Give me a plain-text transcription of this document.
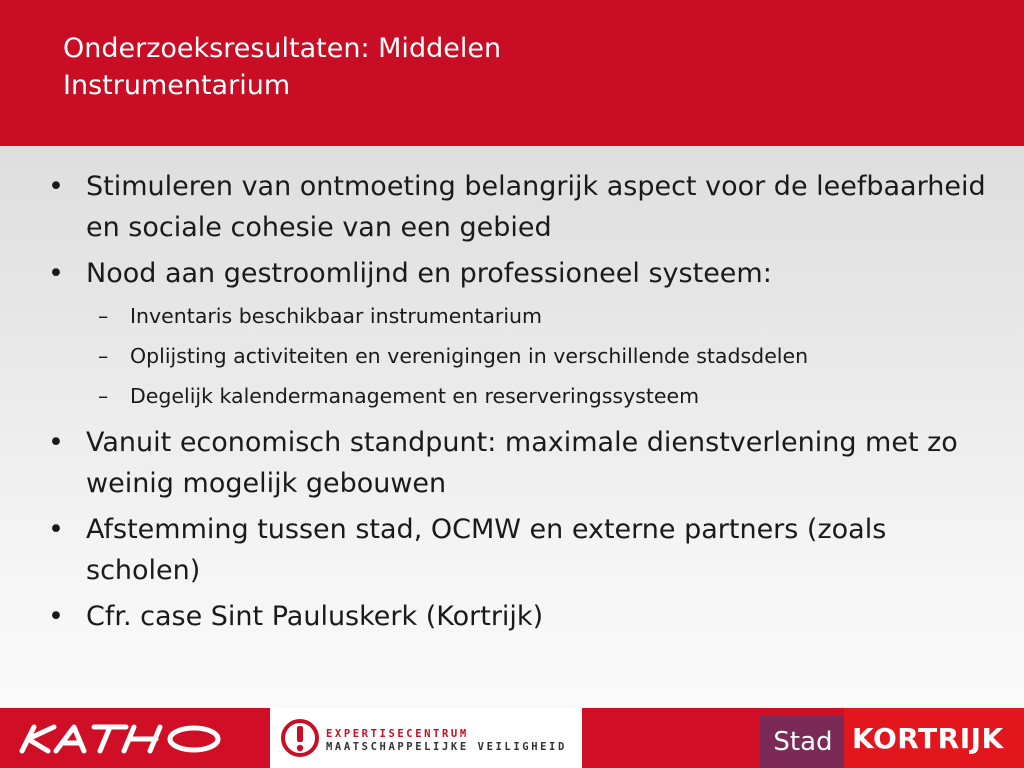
Onderzoeksresultaten: Middelen
Instrumentarium
• Stimuleren van ontmoeting belangrijk aspect voor de leefbaarheid en sociale cohesie van een gebied
• Nood aan gestroomlijnd en professioneel systeem:
– Inventaris beschikbaar instrumentarium
– Oplijsting activiteiten en verenigingen in verschillende stadsdelen
– Degelijk kalendermanagement en reserveringssysteem
• Vanuit economisch standpunt: maximale dienstverlening met zo weinig mogelijk gebouwen
• Afstemming tussen stad, OCMW en externe partners (zoals scholen)
• Cfr. case Sint Pauluskerk (Kortrijk)
EXPERTISECENTRUM
MAATSCHAPPELIJKE VEILIGHEID	Stad KORTRIJK
